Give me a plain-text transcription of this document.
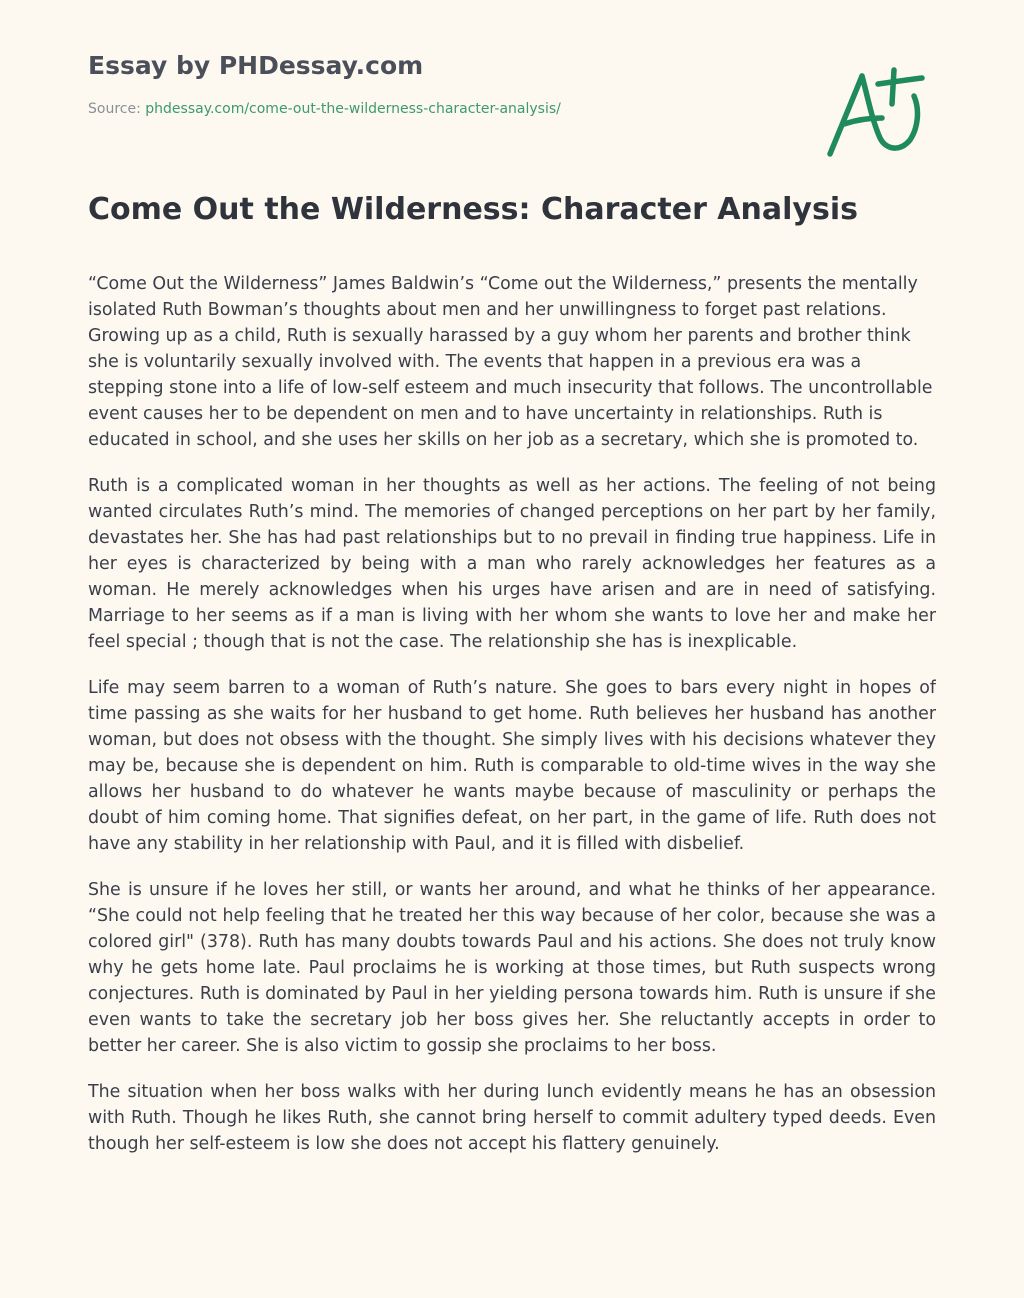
Essay by PHDessay.com
Source: phdessay.com/come-out-the-wilderness-character-analysis/
Come Out the Wilderness: Character Analysis

“Come Out the Wilderness” James Baldwin’s “Come out the Wilderness,” presents the mentally isolated Ruth Bowman’s thoughts about men and her unwillingness to forget past relations. Growing up as a child, Ruth is sexually harassed by a guy whom her parents and brother think she is voluntarily sexually involved with. The events that happen in a previous era was a stepping stone into a life of low-self esteem and much insecurity that follows. The uncontrollable event causes her to be dependent on men and to have uncertainty in relationships. Ruth is educated in school, and she uses her skills on her job as a secretary, which she is promoted to.

Ruth is a complicated woman in her thoughts as well as her actions. The feeling of not being wanted circulates Ruth’s mind. The memories of changed perceptions on her part by her family, devastates her. She has had past relationships but to no prevail in finding true happiness. Life in her eyes is characterized by being with a man who rarely acknowledges her features as a woman. He merely acknowledges when his urges have arisen and are in need of satisfying. Marriage to her seems as if a man is living with her whom she wants to love her and make her feel special ; though that is not the case. The relationship she has is inexplicable.

Life may seem barren to a woman of Ruth’s nature. She goes to bars every night in hopes of time passing as she waits for her husband to get home. Ruth believes her husband has another woman, but does not obsess with the thought. She simply lives with his decisions whatever they may be, because she is dependent on him. Ruth is comparable to old-time wives in the way she allows her husband to do whatever he wants maybe because of masculinity or perhaps the doubt of him coming home. That signifies defeat, on her part, in the game of life. Ruth does not have any stability in her relationship with Paul, and it is filled with disbelief.

She is unsure if he loves her still, or wants her around, and what he thinks of her appearance. “She could not help feeling that he treated her this way because of her color, because she was a colored girl" (378). Ruth has many doubts towards Paul and his actions. She does not truly know why he gets home late. Paul proclaims he is working at those times, but Ruth suspects wrong conjectures. Ruth is dominated by Paul in her yielding persona towards him. Ruth is unsure if she even wants to take the secretary job her boss gives her. She reluctantly accepts in order to better her career. She is also victim to gossip she proclaims to her boss.

The situation when her boss walks with her during lunch evidently means he has an obsession with Ruth. Though he likes Ruth, she cannot bring herself to commit adultery typed deeds. Even though her self-esteem is low she does not accept his flattery genuinely.
